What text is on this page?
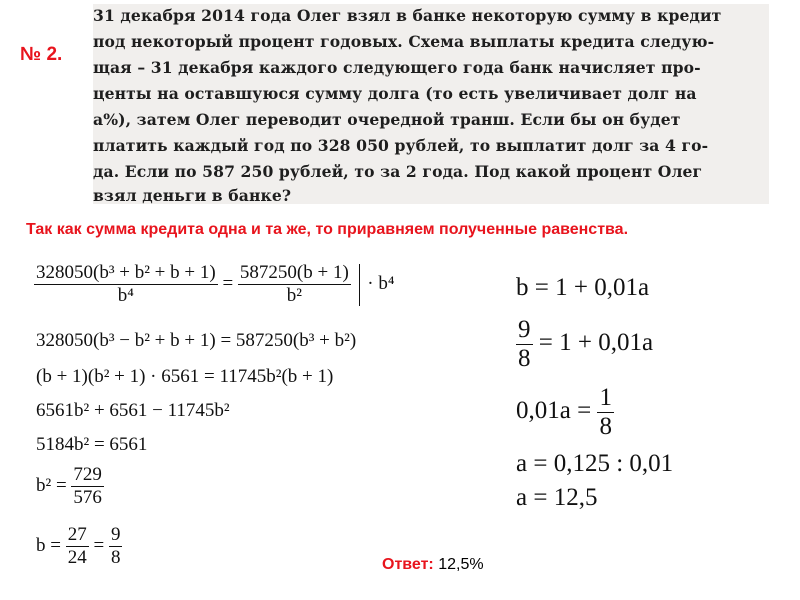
№ 2.
31 декабря 2014 года Олег взял в банке некоторую сумму в кредит
под некоторый процент годовых. Схема выплаты кредита следую-
щая – 31 декабря каждого следующего года банк начисляет про-
центы на оставшуюся сумму долга (то есть увеличивает долг на
a%), затем Олег переводит очередной транш. Если бы он будет
платить каждый год по 328 050 рублей, то выплатит долг за 4 го-
да. Если по 587 250 рублей, то за 2 года. Под какой процент Олег
взял деньги в банке?
Так как сумма кредита одна и та же, то приравняем полученные равенства.
$\frac{\text{328050(b³ + b² + b + 1)}}{\text{b⁴}} = \frac{587250(b + 1)}{\text{b²}} \cdot b^4$
328050(b³ − b² + b + 1) = 587250(b³ + b²)
(b + 1)(b² + 1) · 6561 = 11745b²(b + 1)
6561b² + 6561 − 11745b²
5184b² = 6561
$b^2 = \frac{729}{576}$
$b = \frac{27}{24} = \frac{9}{8}$
b = 1 + 0,01a
$\frac{9}{8} = 1 + 0,01a$
$0,01a = \frac{1}{8}$
a = 0,125 : 0,01
a = 12,5
Ответ: 12,5%
